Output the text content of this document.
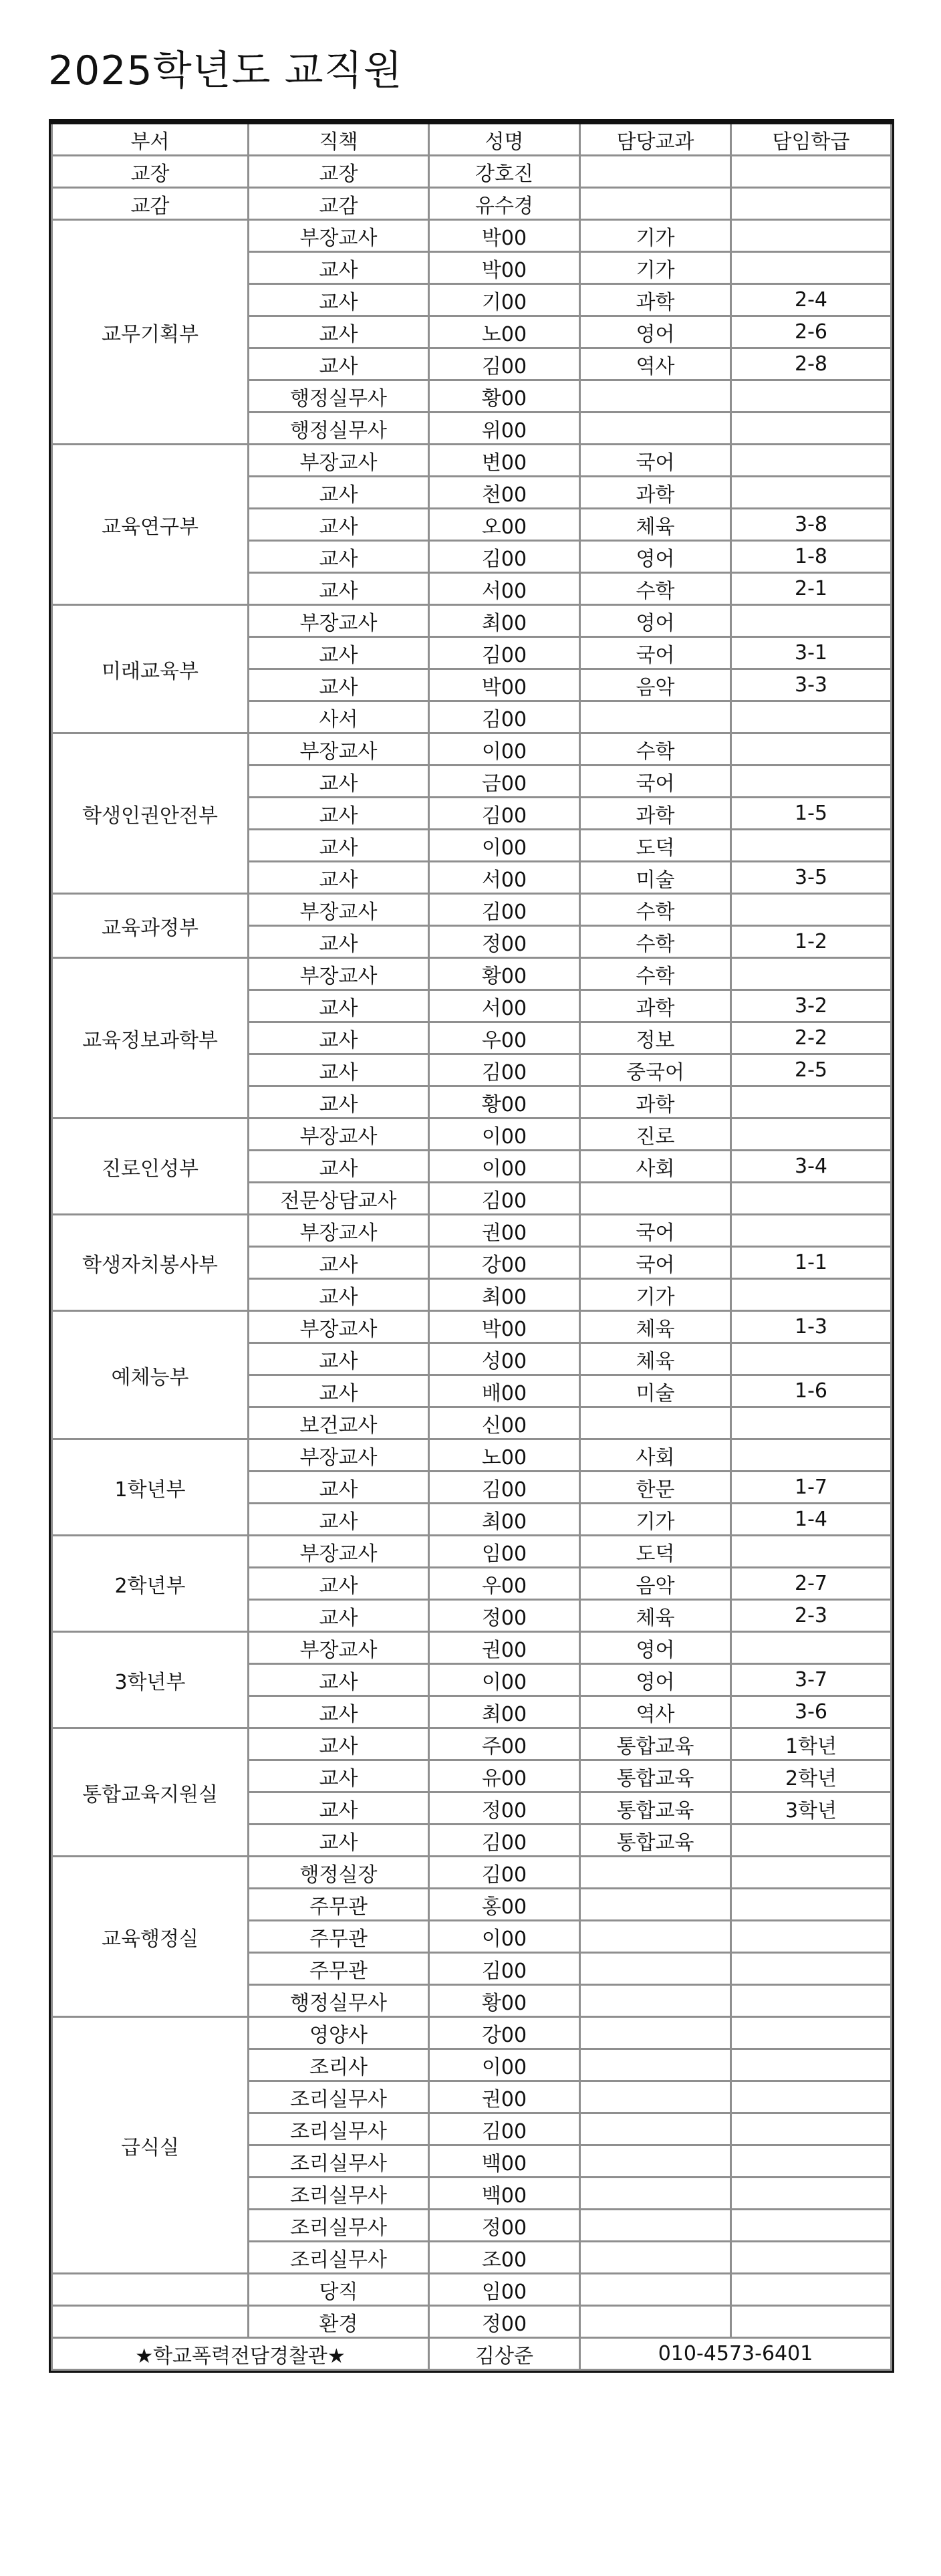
2025학년도 교직원
부서	직책	성명	담당교과	담임학급
교장	교장	강호진		
교감	교감	유수경		
교무기획부	부장교사	박00	기가	
	교사	박00	기가	
	교사	기00	과학	2-4
	교사	노00	영어	2-6
	교사	김00	역사	2-8
	행정실무사	황00		
	행정실무사	위00		
교육연구부	부장교사	변00	국어	
	교사	천00	과학	
	교사	오00	체육	3-8
	교사	김00	영어	1-8
	교사	서00	수학	2-1
미래교육부	부장교사	최00	영어	
	교사	김00	국어	3-1
	교사	박00	음악	3-3
	사서	김00		
학생인권안전부	부장교사	이00	수학	
	교사	금00	국어	
	교사	김00	과학	1-5
	교사	이00	도덕	
	교사	서00	미술	3-5
교육과정부	부장교사	김00	수학	
	교사	정00	수학	1-2
교육정보과학부	부장교사	황00	수학	
	교사	서00	과학	3-2
	교사	우00	정보	2-2
	교사	김00	중국어	2-5
	교사	황00	과학	
진로인성부	부장교사	이00	진로	
	교사	이00	사회	3-4
	전문상담교사	김00		
학생자치봉사부	부장교사	권00	국어	
	교사	강00	국어	1-1
	교사	최00	기가	
예체능부	부장교사	박00	체육	1-3
	교사	성00	체육	
	교사	배00	미술	1-6
	보건교사	신00		
1학년부	부장교사	노00	사회	
	교사	김00	한문	1-7
	교사	최00	기가	1-4
2학년부	부장교사	임00	도덕	
	교사	우00	음악	2-7
	교사	정00	체육	2-3
3학년부	부장교사	권00	영어	
	교사	이00	영어	3-7
	교사	최00	역사	3-6
통합교육지원실	교사	주00	통합교육	1학년
	교사	유00	통합교육	2학년
	교사	정00	통합교육	3학년
	교사	김00	통합교육	
교육행정실	행정실장	김00		
	주무관	홍00		
	주무관	이00		
	주무관	김00		
	행정실무사	황00		
급식실	영양사	강00		
	조리사	이00		
	조리실무사	권00		
	조리실무사	김00		
	조리실무사	백00		
	조리실무사	백00		
	조리실무사	정00		
	조리실무사	조00		
	당직	임00		
	환경	정00		
★학교폭력전담경찰관★		김상준	010-4573-6401	
